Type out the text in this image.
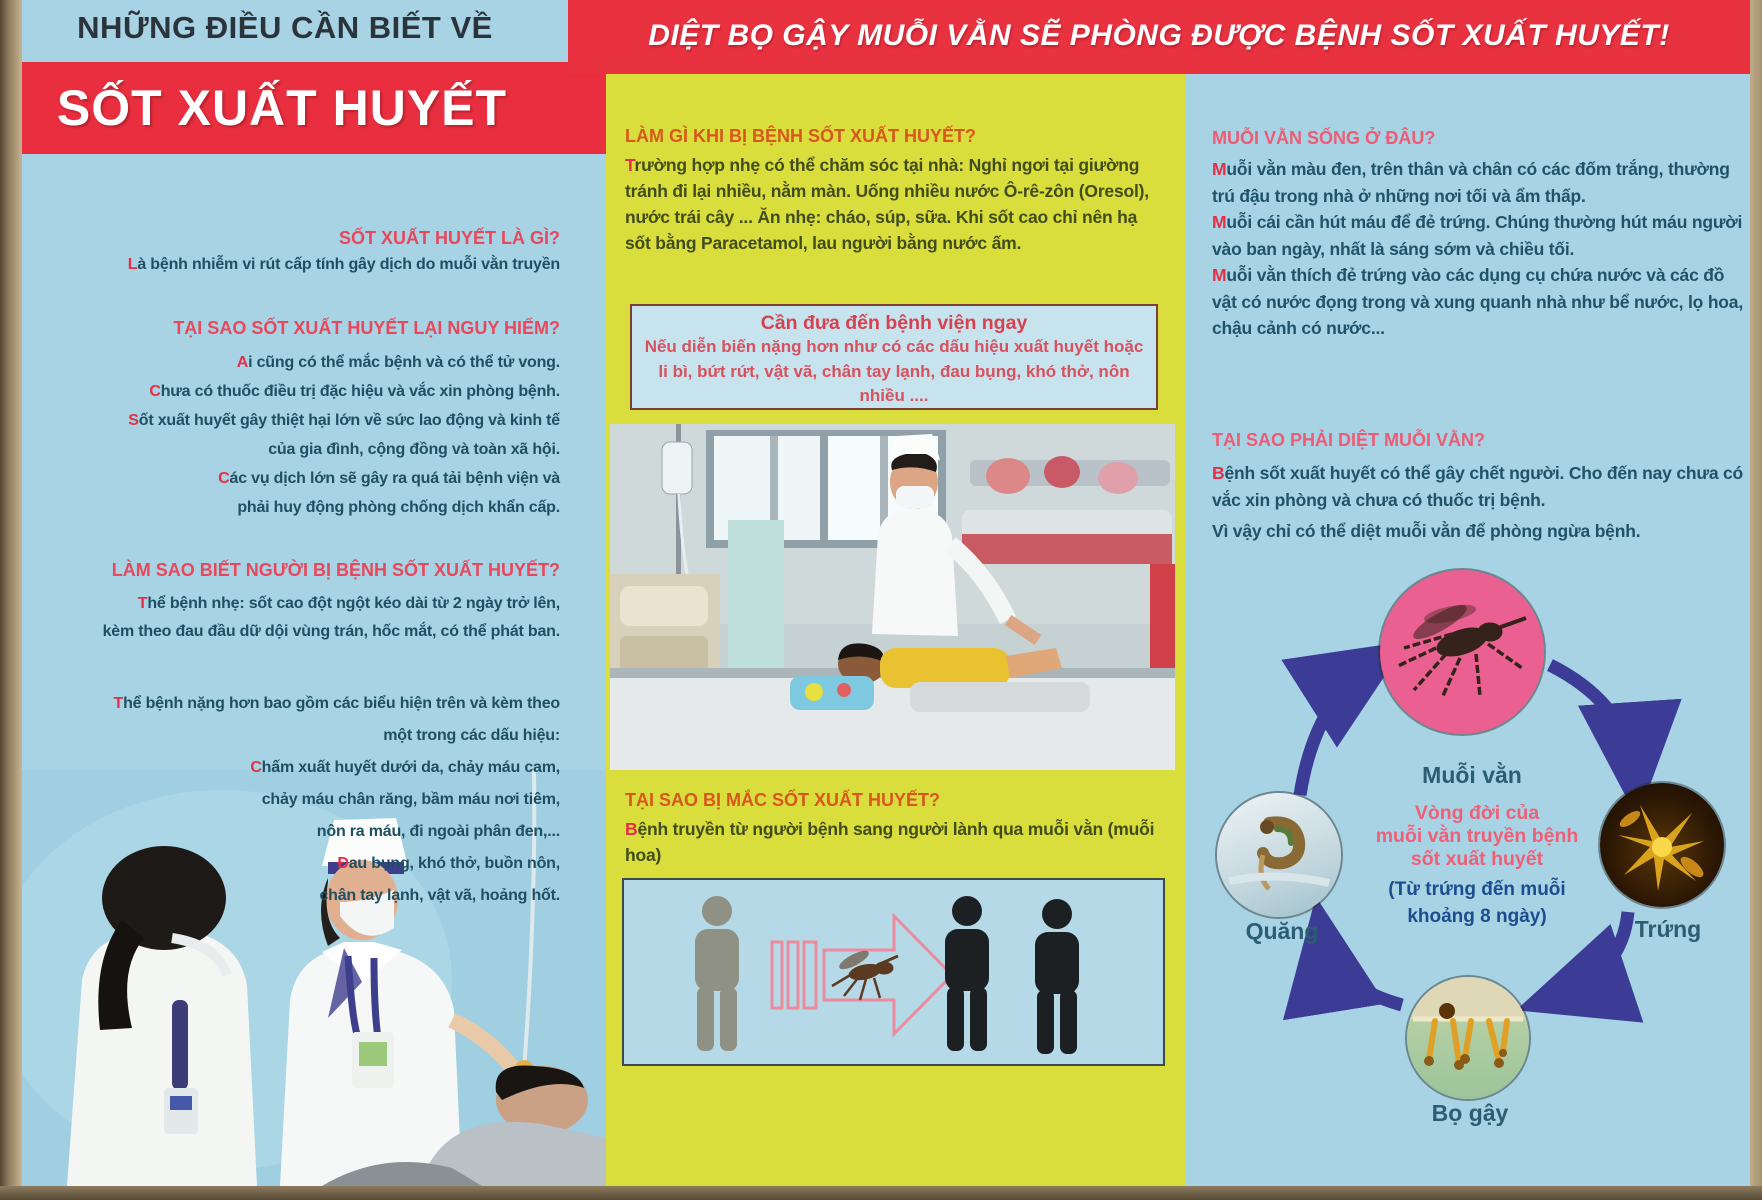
NHỮNG ĐIỀU CẦN BIẾT VỀ
SỐT XUẤT HUYẾT
SỐT XUẤT HUYẾT LÀ GÌ?
Là bệnh nhiễm vi rút cấp tính gây dịch do muỗi vằn truyền
TẠI SAO SỐT XUẤT HUYẾT LẠI NGUY HIỂM?
Ai cũng có thể mắc bệnh và có thể tử vong.
Chưa có thuốc điều trị đặc hiệu và vắc xin phòng bệnh.
Sốt xuất huyết gây thiệt hại lớn về sức lao động và kinh tế
của gia đình, cộng đồng và toàn xã hội.
Các vụ dịch lớn sẽ gây ra quá tải bệnh viện và
phải huy động phòng chống dịch khẩn cấp.
LÀM SAO BIẾT NGƯỜI BỊ BỆNH SỐT XUẤT HUYẾT?
Thể bệnh nhẹ: sốt cao đột ngột kéo dài từ 2 ngày trở lên,
kèm theo đau đầu dữ dội vùng trán, hốc mắt, có thể phát ban.
Thể bệnh nặng hơn bao gồm các biểu hiện trên và kèm theo
một trong các dấu hiệu:
Chấm xuất huyết dưới da, chảy máu cam,
chảy máu chân răng, bầm máu nơi tiêm,
nôn ra máu, đi ngoài phân đen,...
Đau bụng, khó thở, buồn nôn,
chân tay lạnh, vật vã, hoảng hốt.
DIỆT BỌ GẬY MUỖI VẰN SẼ PHÒNG ĐƯỢC BỆNH SỐT XUẤT HUYẾT!
LÀM GÌ KHI BỊ BỆNH SỐT XUẤT HUYẾT?
Trường hợp nhẹ có thể chăm sóc tại nhà: Nghỉ ngơi tại giường tránh đi lại nhiều, nằm màn. Uống nhiều nước Ô-rê-zôn (Oresol), nước trái cây ... Ăn nhẹ: cháo, súp, sữa. Khi sốt cao chỉ nên hạ sốt bằng Paracetamol, lau người bằng nước ấm.
Cần đưa đến bệnh viện ngay
Nếu diễn biến nặng hơn như có các dấu hiệu xuất huyết hoặc li bì, bứt rứt, vật vã, chân tay lạnh, đau bụng, khó thở, nôn nhiều ....
TẠI SAO BỊ MẮC SỐT XUẤT HUYẾT?
Bệnh truyền từ người bệnh sang người lành qua muỗi vằn (muỗi hoa)
MUỖI VẰN SỐNG Ở ĐÂU?
Muỗi vằn màu đen, trên thân và chân có các đốm trắng, thường trú đậu trong nhà ở những nơi tối và ẩm thấp.
Muỗi cái cần hút máu để đẻ trứng. Chúng thường hút máu người vào ban ngày, nhất là sáng sớm và chiều tối.
Muỗi vằn thích đẻ trứng vào các dụng cụ chứa nước và các đồ vật có nước đọng trong và xung quanh nhà như bể nước, lọ hoa, chậu cảnh có nước...
TẠI SAO PHẢI DIỆT MUỖI VẰN?
Bệnh sốt xuất huyết có thể gây chết người. Cho đến nay chưa có vắc xin phòng và chưa có thuốc trị bệnh.
Vì vậy chỉ có thể diệt muỗi vằn để phòng ngừa bệnh.
Muỗi vằn
Vòng đời của
muỗi vằn truyền bệnh
sốt xuất huyết
(Từ trứng đến muỗi
khoảng 8 ngày)
Quăng	Trứng
Bọ gậy
